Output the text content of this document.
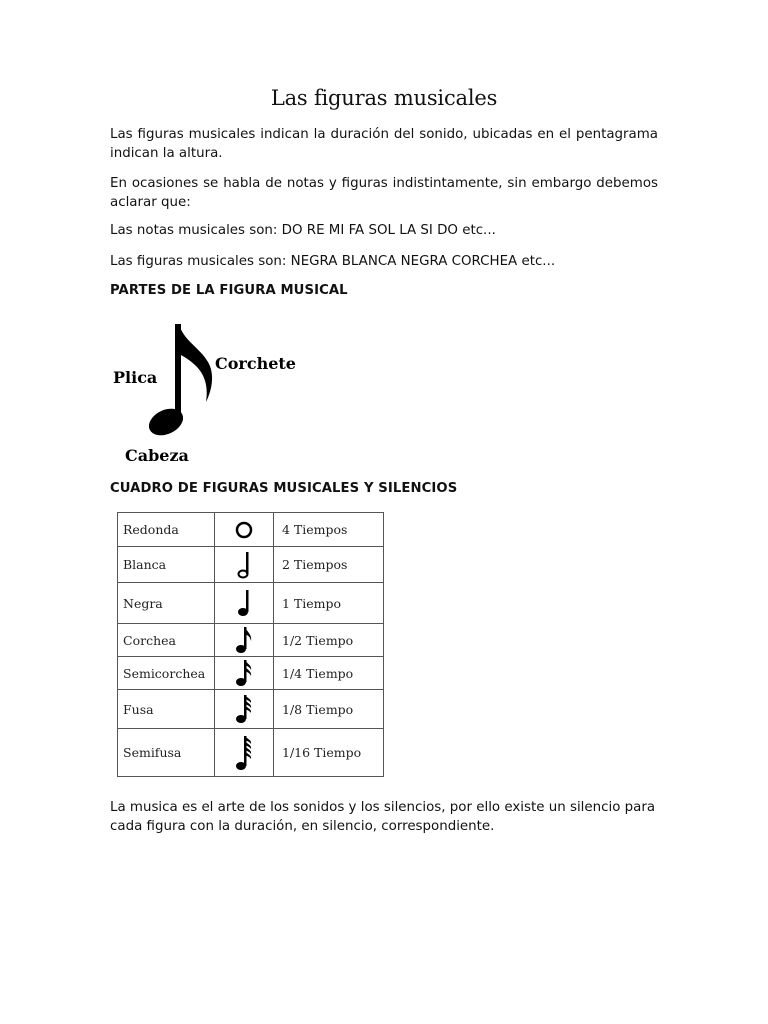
Las figuras musicales

Las figuras musicales indican la duración del sonido, ubicadas en el pentagrama indican la altura.

En ocasiones se habla de notas y figuras indistintamente, sin embargo debemos aclarar que:

Las notas musicales son: DO RE MI FA SOL LA SI DO etc...

Las figuras musicales son: NEGRA BLANCA NEGRA CORCHEA etc...

PARTES DE LA FIGURA MUSICAL
Plica
Corchete
Cabeza
CUADRO DE FIGURAS MUSICALES Y SILENCIOS
Redonda		4 Tiempos
Blanca		2 Tiempos
Negra		1 Tiempo
Corchea		1/2 Tiempo
Semicorchea		1/4 Tiempo
Fusa		1/8 Tiempo
Semifusa		1/16 Tiempo

La musica es el arte de los sonidos y los silencios, por ello existe un silencio para cada figura con la duración, en silencio, correspondiente.
